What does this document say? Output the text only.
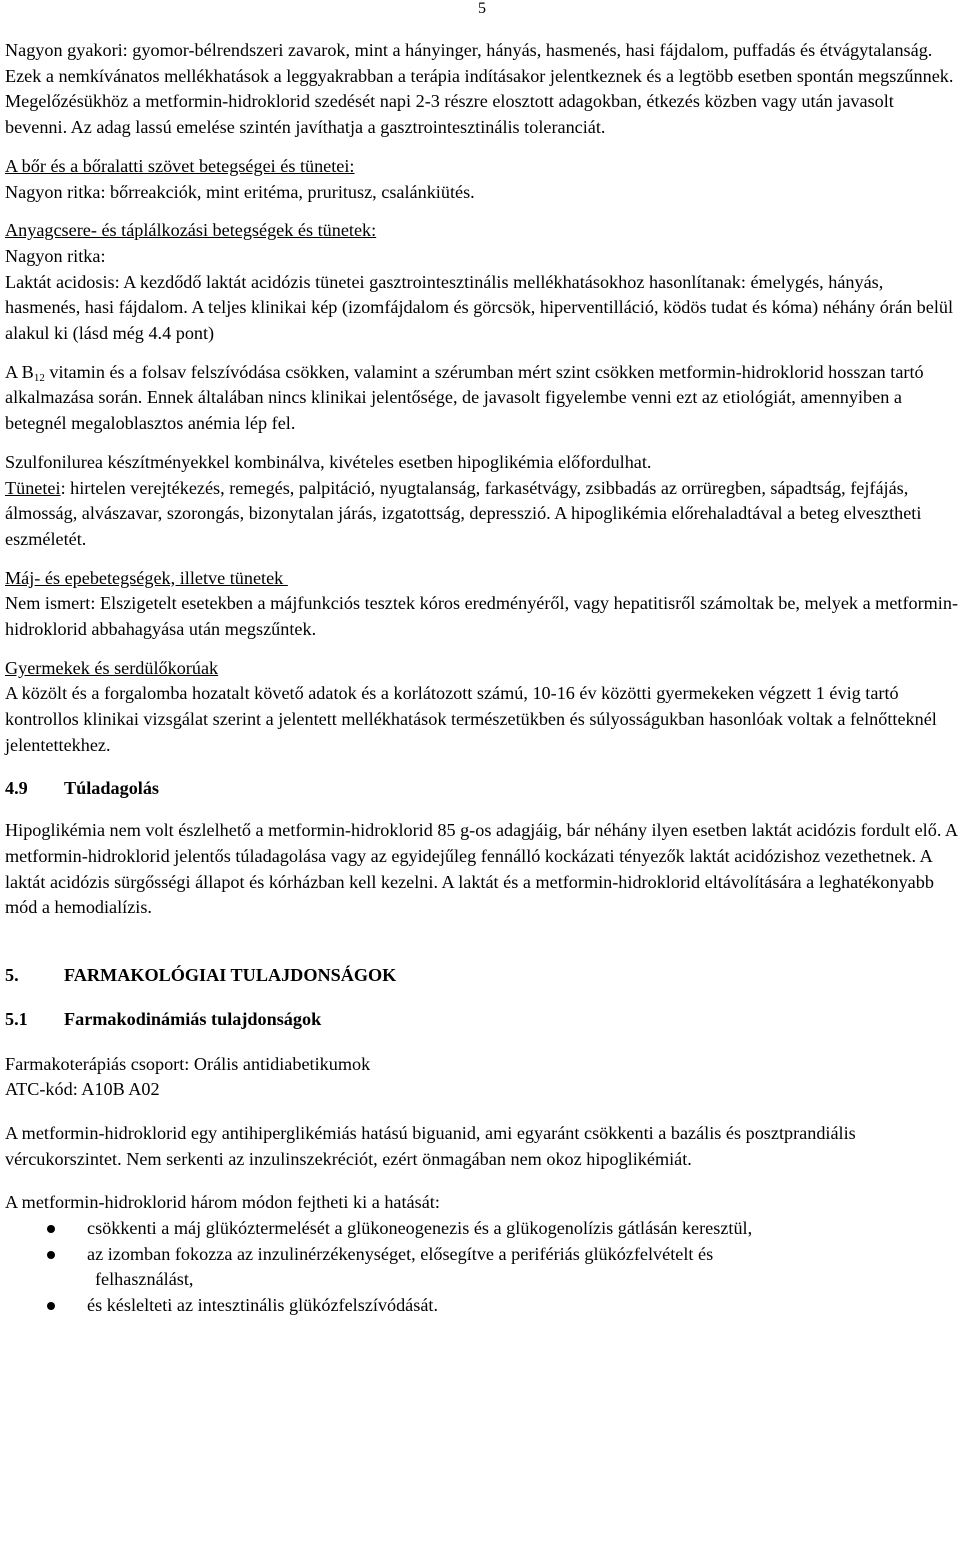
5

Nagyon gyakori: gyomor-bélrendszeri zavarok, mint a hányinger, hányás, hasmenés, hasi fájdalom, puffadás és étvágytalanság. Ezek a nemkívánatos mellékhatások a leggyakrabban a terápia indításakor jelentkeznek és a legtöbb esetben spontán megszűnnek. Megelőzésükhöz a metformin-hidroklorid szedését napi 2-3 részre elosztott adagokban, étkezés közben vagy után javasolt bevenni. Az adag lassú emelése szintén javíthatja a gasztrointesztinális toleranciát.

A bőr és a bőralatti szövet betegségei és tünetei:

Nagyon ritka: bőrreakciók, mint eritéma, pruritusz, csalánkiütés.

Anyagcsere- és táplálkozási betegségek és tünetek:

Nagyon ritka:

Laktát acidosis: A kezdődő laktát acidózis tünetei gasztrointesztinális mellékhatásokhoz hasonlítanak: émelygés, hányás, hasmenés, hasi fájdalom. A teljes klinikai kép (izomfájdalom és görcsök, hiperventilláció, ködös tudat és kóma) néhány órán belül alakul ki (lásd még 4.4 pont)

A $B_{12}$ vitamin és a folsav felszívódása csökken, valamint a szérumban mért szint csökken metformin-hidroklorid hosszan tartó alkalmazása során. Ennek általában nincs klinikai jelentősége, de javasolt figyelembe venni ezt az etiológiát, amennyiben a betegnél megaloblasztos anémia lép fel.

Szulfonilurea készítményekkel kombinálva, kivételes esetben hipoglikémia előfordulhat.

Tünetei: hirtelen verejtékezés, remegés, palpitáció, nyugtalanság, farkasétvágy, zsibbadás az orrüregben, sápadtság, fejfájás, álmosság, alvászavar, szorongás, bizonytalan járás, izgatottság, depresszió. A hipoglikémia előrehaladtával a beteg elvesztheti eszméletét.

Máj- és epebetegségek, illetve tünetek

Nem ismert: Elszigetelt esetekben a májfunkciós tesztek kóros eredményéről, vagy hepatitisről számoltak be, melyek a metformin-hidroklorid abbahagyása után megszűntek.

Gyermekek és serdülőkorúak

A közölt és a forgalomba hozatalt követő adatok és a korlátozott számú, 10-16 év közötti gyermekeken végzett 1 évig tartó kontrollos klinikai vizsgálat szerint a jelentett mellékhatások természetükben és súlyosságukban hasonlóak voltak a felnőtteknél jelentettekhez.

4.9	Túladagolás

Hipoglikémia nem volt észlelhető a metformin-hidroklorid 85 g-os adagjáig, bár néhány ilyen esetben laktát acidózis fordult elő. A metformin-hidroklorid jelentős túladagolása vagy az egyidejűleg fennálló kockázati tényezők laktát acidózishoz vezethetnek. A laktát acidózis sürgősségi állapot és kórházban kell kezelni. A laktát és a metformin-hidroklorid eltávolítására a leghatékonyabb mód a hemodialízis.

5.	FARMAKOLÓGIAI TULAJDONSÁGOK

5.1	Farmakodinámiás tulajdonságok

Farmakoterápiás csoport: Orális antidiabetikumok

ATC-kód: A10B A02

A metformin-hidroklorid egy antihiperglikémiás hatású biguanid, ami egyaránt csökkenti a bazális és posztprandiális vércukorszintet. Nem serkenti az inzulinszekréciót, ezért önmagában nem okoz hipoglikémiát.

A metformin-hidroklorid három módon fejtheti ki a hatását:

csökkenti a máj glükóztermelését a glükoneogenezis és a glükogenolízis gátlásán keresztül,
az izomban fokozza az inzulinérzékenységet, elősegítve a perifériás glükózfelvételt és
felhasználást,
és késlelteti az intesztinális glükózfelszívódását.
